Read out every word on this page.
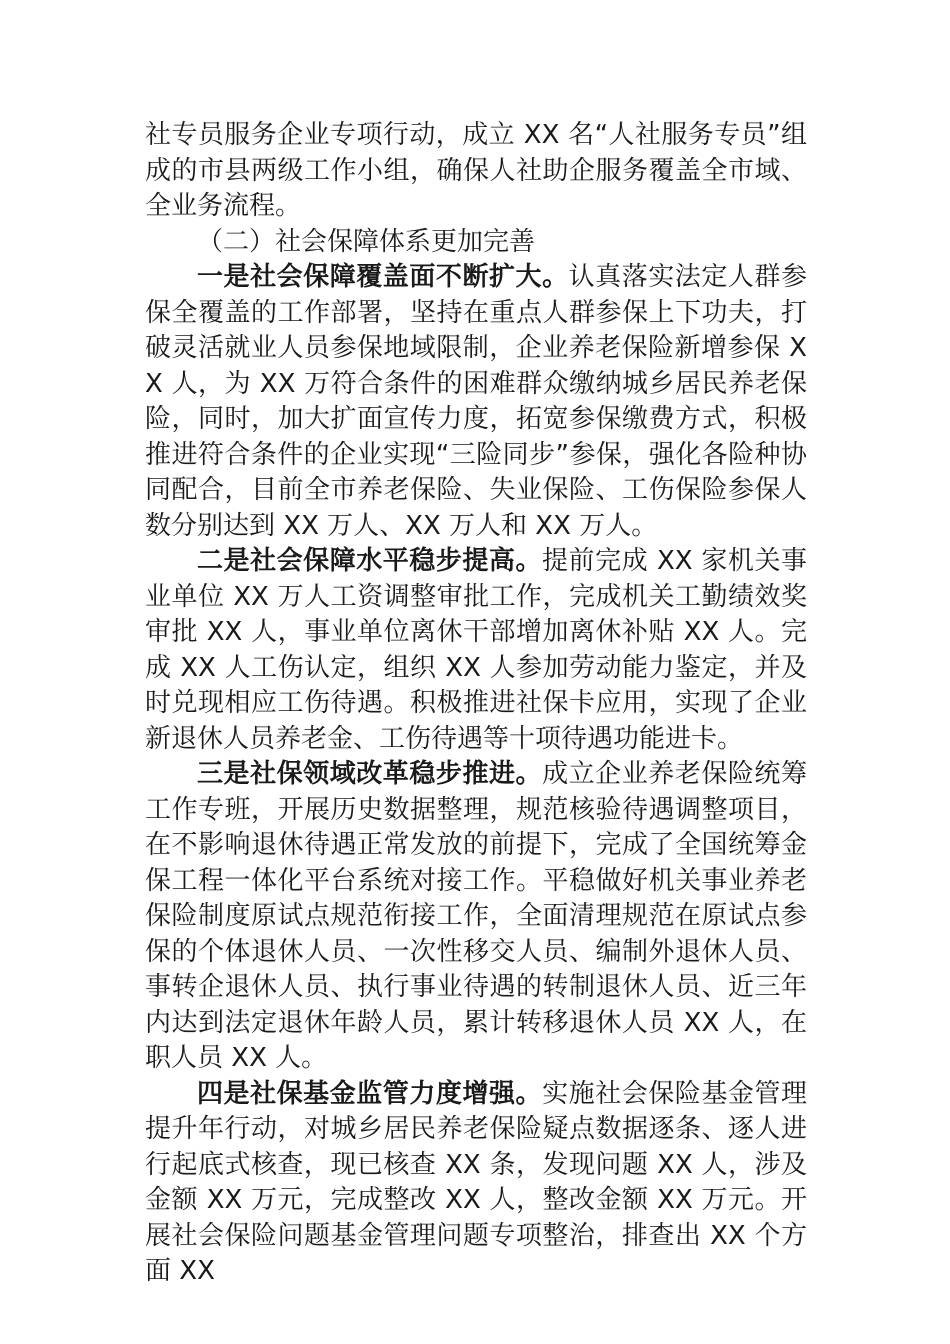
社专员服务企业专项行动，成立 XX 名“人社服务专员”组成的市县两级工作小组，确保人社助企服务覆盖全市域、全业务流程。

（二）社会保障体系更加完善

一是社会保障覆盖面不断扩大。认真落实法定人群参保全覆盖的工作部署，坚持在重点人群参保上下功夫，打破灵活就业人员参保地域限制，企业养老保险新增参保 XX 人，为 XX 万符合条件的困难群众缴纳城乡居民养老保险，同时，加大扩面宣传力度，拓宽参保缴费方式，积极推进符合条件的企业实现“三险同步”参保，强化各险种协同配合，目前全市养老保险、失业保险、工伤保险参保人数分别达到 XX 万人、XX 万人和 XX 万人。

二是社会保障水平稳步提高。提前完成 XX 家机关事业单位 XX 万人工资调整审批工作，完成机关工勤绩效奖审批 XX 人，事业单位离休干部增加离休补贴 XX 人。完成 XX 人工伤认定，组织 XX 人参加劳动能力鉴定，并及时兑现相应工伤待遇。积极推进社保卡应用，实现了企业新退休人员养老金、工伤待遇等十项待遇功能进卡。

三是社保领域改革稳步推进。成立企业养老保险统筹工作专班，开展历史数据整理，规范核验待遇调整项目，在不影响退休待遇正常发放的前提下，完成了全国统筹金保工程一体化平台系统对接工作。平稳做好机关事业养老保险制度原试点规范衔接工作，全面清理规范在原试点参保的个体退休人员、一次性移交人员、编制外退休人员、事转企退休人员、执行事业待遇的转制退休人员、近三年内达到法定退休年龄人员，累计转移退休人员 XX 人，在职人员 XX 人。

四是社保基金监管力度增强。实施社会保险基金管理提升年行动，对城乡居民养老保险疑点数据逐条、逐人进行起底式核查，现已核查 XX 条，发现问题 XX 人，涉及金额 XX 万元，完成整改 XX 人，整改金额 XX 万元。开展社会保险问题基金管理问题专项整治，排查出 XX 个方面 XX
